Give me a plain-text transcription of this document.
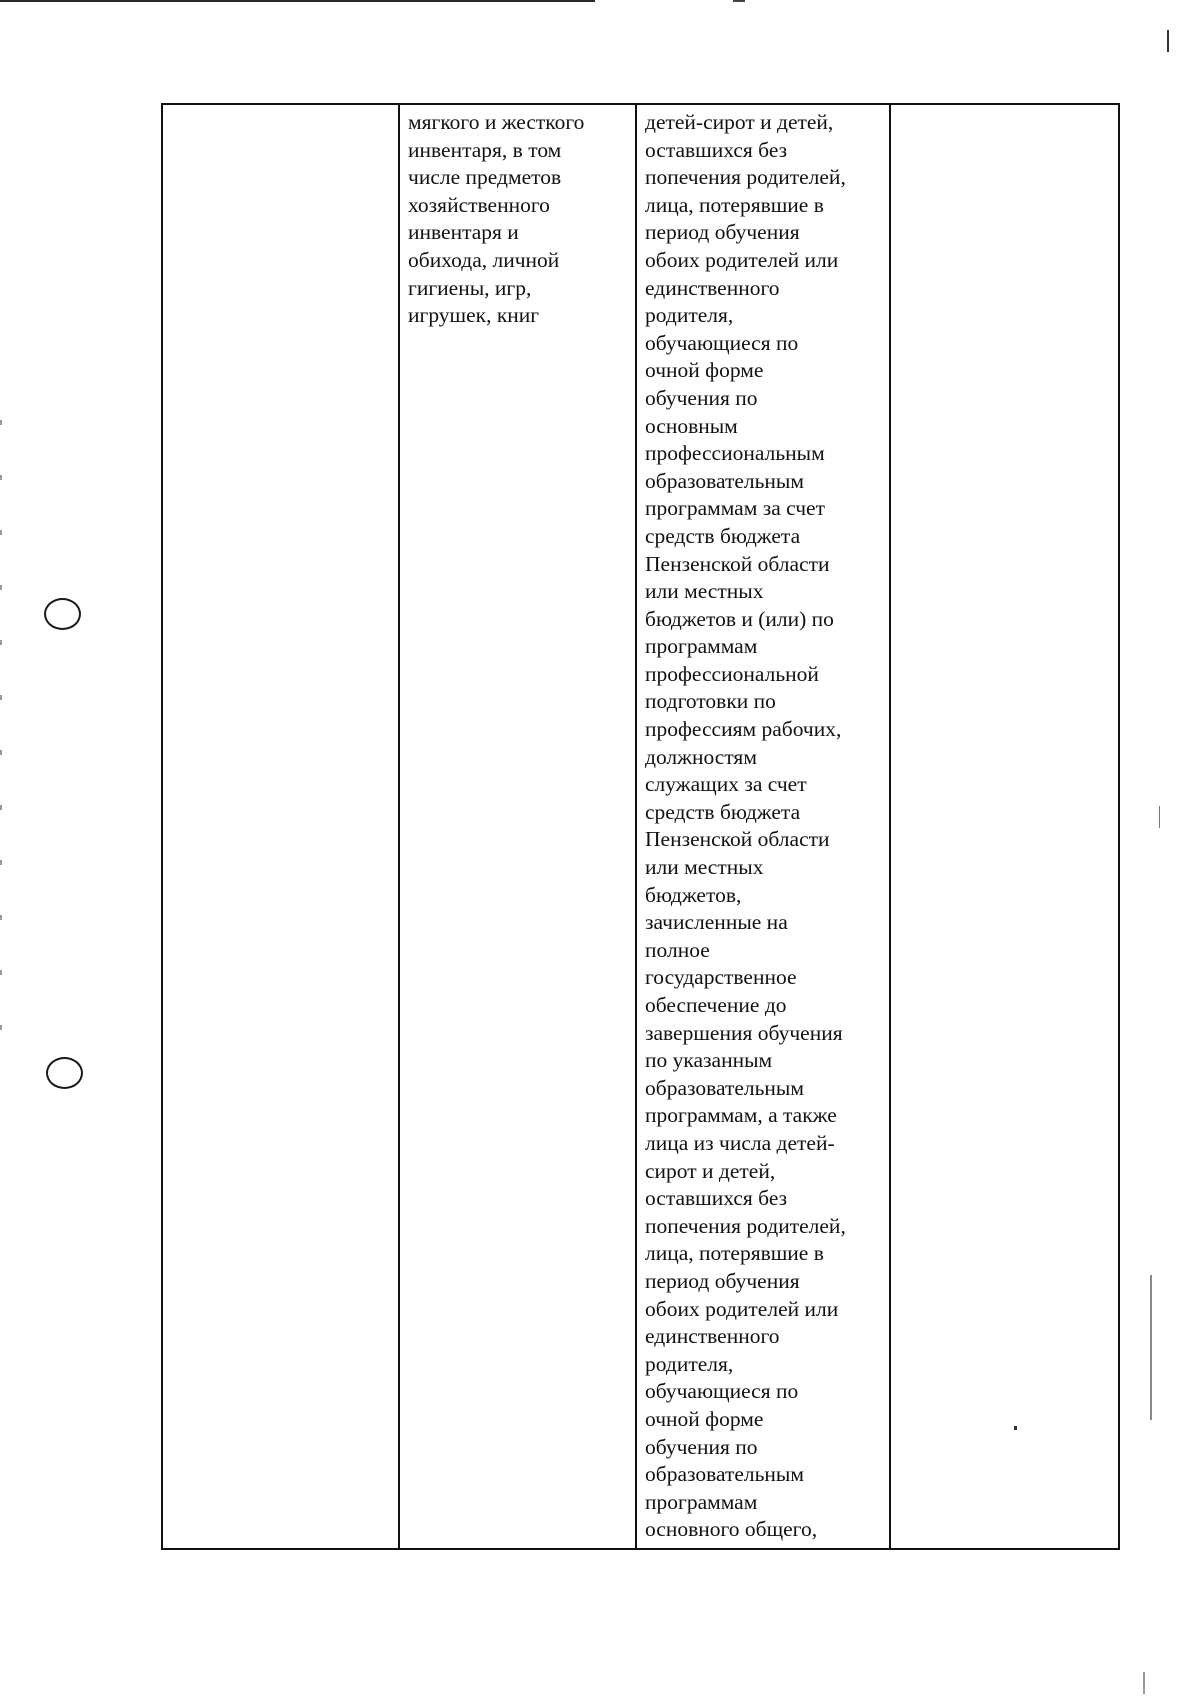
мягкого и жесткого
инвентаря, в том
числе предметов
хозяйственного
инвентаря и
обихода, личной
гигиены, игр,
игрушек, книг

детей-сирот и детей,
оставшихся без
попечения родителей,
лица, потерявшие в
период обучения
обоих родителей или
единственного
родителя,
обучающиеся по
очной форме
обучения по
основным
профессиональным
образовательным
программам за счет
средств бюджета
Пензенской области
или местных
бюджетов и (или) по
программам
профессиональной
подготовки по
профессиям рабочих,
должностям
служащих за счет
средств бюджета
Пензенской области
или местных
бюджетов,
зачисленные на
полное
государственное
обеспечение до
завершения обучения
по указанным
образовательным
программам, а также
лица из числа детей-
сирот и детей,
оставшихся без
попечения родителей,
лица, потерявшие в
период обучения
обоих родителей или
единственного
родителя,
обучающиеся по
очной форме
обучения по
образовательным
программам
основного общего,
